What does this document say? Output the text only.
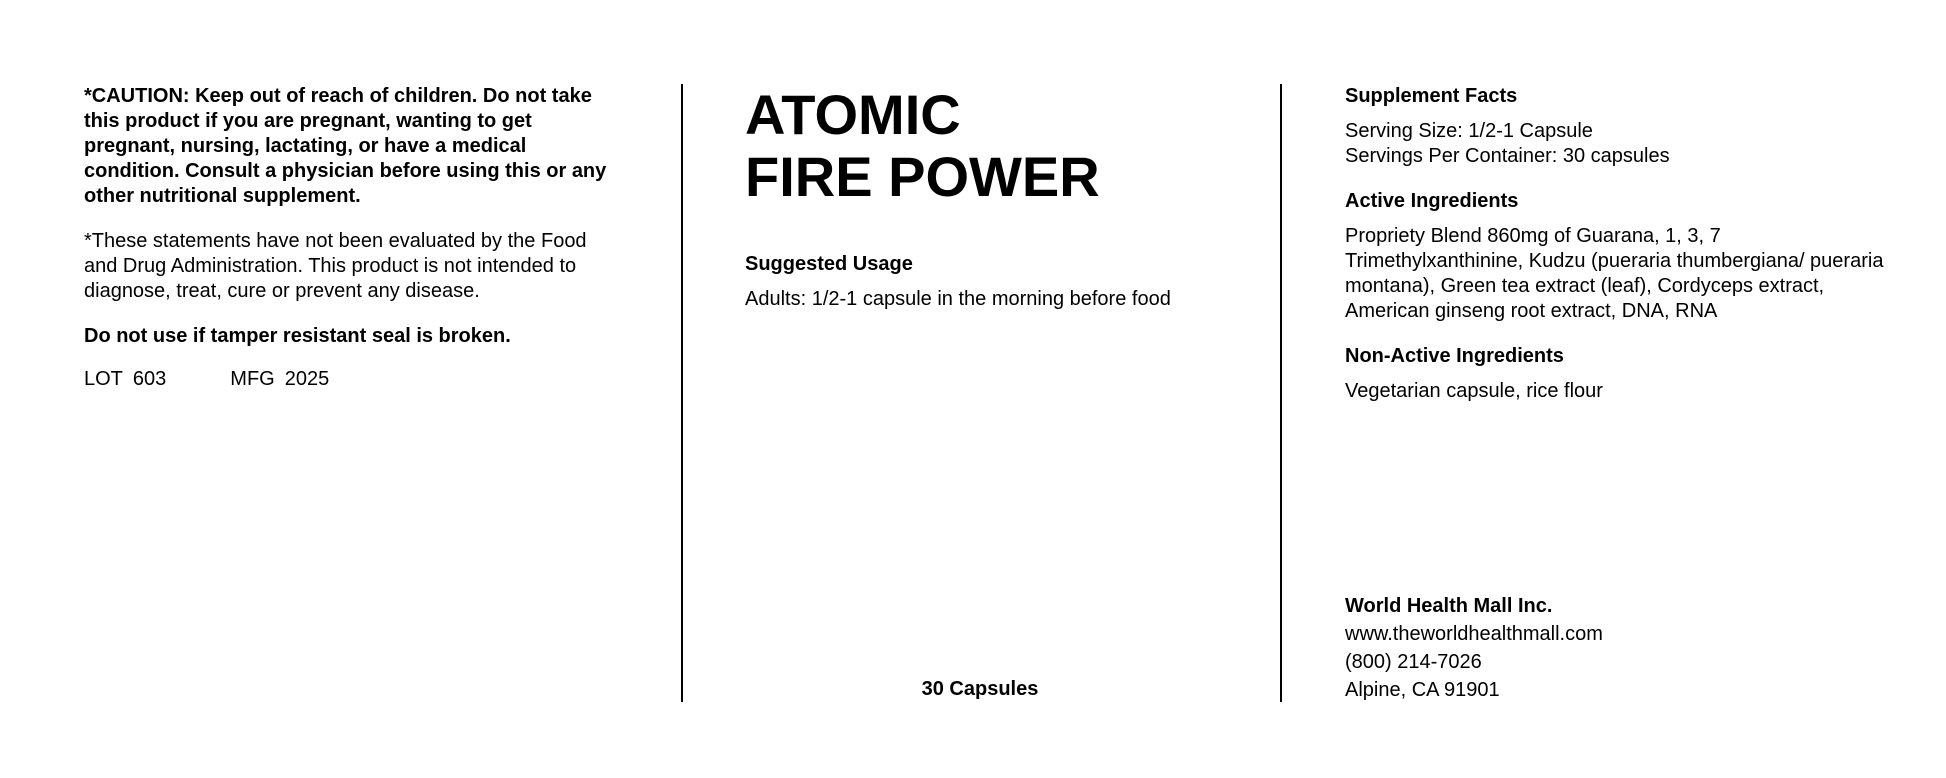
*CAUTION: Keep out of reach of children. Do not take this product if you are pregnant, wanting to get pregnant, nursing, lactating, or have a medical condition. Consult a physician before using this or any other nutritional supplement.

*These statements have not been evaluated by the Food and Drug Administration. This product is not intended to diagnose, treat, cure or prevent any disease.

Do not use if tamper resistant seal is broken.

LOT 603	MFG 2025
ATOMIC
FIRE POWER
Suggested Usage

Adults: 1/2-1 capsule in the morning before food

30 Capsules
Supplement Facts
Serving Size: 1/2-1 Capsule
Servings Per Container: 30 capsules
Active Ingredients

Propriety Blend 860mg of Guarana, 1, 3, 7 Trimethylxanthinine, Kudzu (pueraria thumbergiana/ pueraria montana), Green tea extract (leaf), Cordyceps extract, American ginseng root extract, DNA, RNA

Non-Active Ingredients

Vegetarian capsule, rice flour

World Health Mall Inc.
www.theworldhealthmall.com
(800) 214-7026
Alpine, CA 91901
